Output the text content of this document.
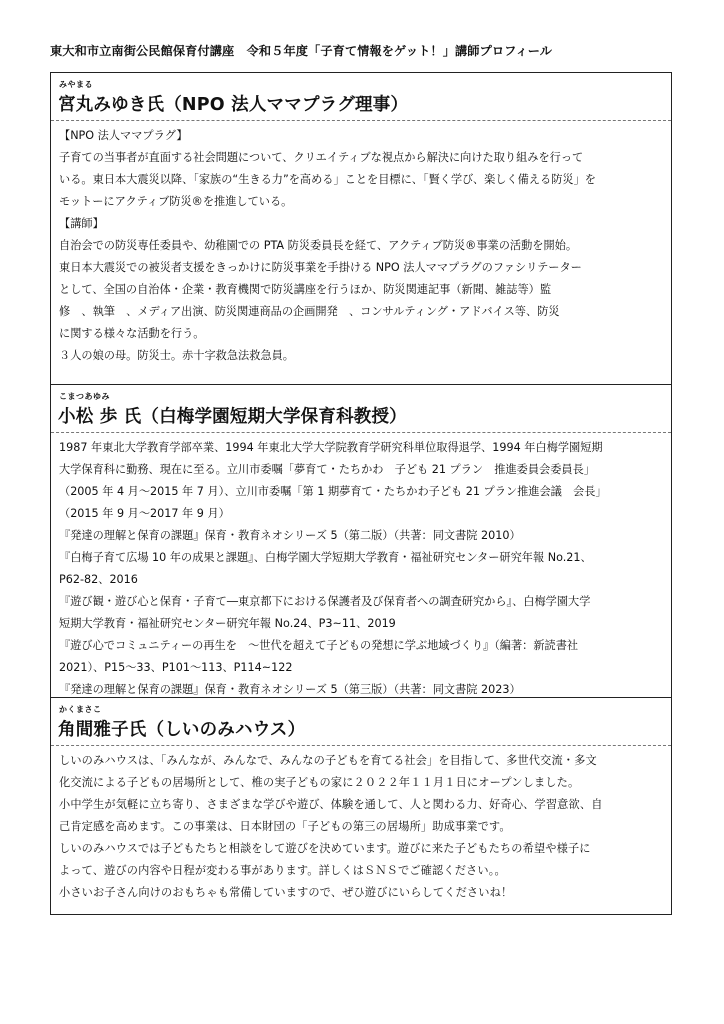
東大和市立南街公民館保育付講座　令和５年度「子育て情報をゲット！」講師プロフィール
みやまる
宮丸みゆき氏（NPO 法人ママプラグ理事）
【NPO 法人ママプラグ】
子育ての当事者が直面する社会問題について、クリエイティブな視点から解決に向けた取り組みを行って
いる。東日本大震災以降、「家族の“生きる力”を高める」ことを目標に、「賢く学び、楽しく備える防災」を
モットーにアクティブ防災®を推進している。
【講師】
自治会での防災専任委員や、幼稚園での PTA 防災委員長を経て、アクティブ防災®事業の活動を開始。
東日本大震災での被災者支援をきっかけに防災事業を手掛ける NPO 法人ママプラグのファシリテーター
として、全国の自治体・企業・教育機関で防災講座を行うほか、防災関連記事（新聞、雑誌等）監
修　、執筆　、メディア出演、防災関連商品の企画開発　、コンサルティング・アドバイス等、防災
に関する様々な活動を行う。
３人の娘の母。防災士。赤十字救急法救急員。
こまつあゆみ
小松 歩 氏（白梅学園短期大学保育科教授）
1987 年東北大学教育学部卒業、1994 年東北大学大学院教育学研究科単位取得退学、1994 年白梅学園短期
大学保育科に勤務、現在に至る。立川市委嘱「夢育て・たちかわ　子ども 21 プラン　推進委員会委員長」
（2005 年 4 月～2015 年 7 月）、立川市委嘱「第 1 期夢育て・たちかわ子ども 21 プラン推進会議　会長」
（2015 年 9 月～2017 年 9 月）
『発達の理解と保育の課題』保育・教育ネオシリーズ 5（第二版）（共著：同文書院 2010）
『白梅子育て広場 10 年の成果と課題』、白梅学園大学短期大学教育・福祉研究センター研究年報 No.21、
P62-82、2016
『遊び観・遊び心と保育・子育て―東京都下における保護者及び保育者への調査研究から』、白梅学園大学
短期大学教育・福祉研究センター研究年報 No.24、P3~11、2019
『遊び心でコミュニティーの再生を　～世代を超えて子どもの発想に学ぶ地域づくり』（編著：新読書社
2021）、P15～33、P101～113、P114~122
『発達の理解と保育の課題』保育・教育ネオシリーズ 5（第三版）（共著：同文書院 2023）
かくまさこ
角間雅子氏（しいのみハウス）
しいのみハウスは、「みんなが、みんなで、みんなの子どもを育てる社会」を目指して、多世代交流・多文
化交流による子どもの居場所として、椎の実子どもの家に２０２２年１１月１日にオープンしました。
小中学生が気軽に立ち寄り、さまざまな学びや遊び、体験を通して、人と関わる力、好奇心、学習意欲、自
己肯定感を高めます。この事業は、日本財団の「子どもの第三の居場所」助成事業です。
しいのみハウスでは子どもたちと相談をして遊びを決めています。遊びに来た子どもたちの希望や様子に
よって、遊びの内容や日程が変わる事があります。詳しくはＳＮＳでご確認ください。。
小さいお子さん向けのおもちゃも常備していますので、ぜひ遊びにいらしてくださいね！
